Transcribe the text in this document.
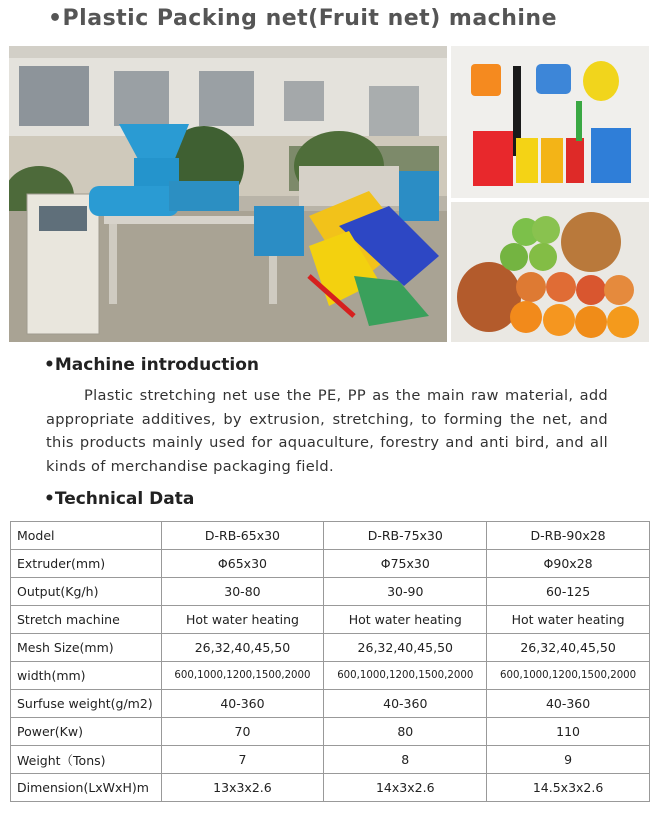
•Plastic Packing net(Fruit net) machine
•Machine introduction
Plastic stretching net use the PE, PP as the main raw material, add appropriate additives, by extrusion, stretching, to forming the net, and this products mainly used for aquaculture, forestry and anti bird, and all kinds of merchandise packaging field.
•Technical Data
Model	D-RB-65x30	D-RB-75x30	D-RB-90x28
Extruder(mm)	Φ65x30	Φ75x30	Φ90x28
Output(Kg/h)	30-80	30-90	60-125
Stretch machine	Hot water heating	Hot water heating	Hot water heating
Mesh Size(mm)	26,32,40,45,50	26,32,40,45,50	26,32,40,45,50
width(mm)	600,1000,1200,1500,2000	600,1000,1200,1500,2000	600,1000,1200,1500,2000
Surfuse weight(g/m2)	40-360	40-360	40-360
Power(Kw)	70	80	110
Weight（Tons)	7	8	9
Dimension(LxWxH)m	13x3x2.6	14x3x2.6	14.5x3x2.6
